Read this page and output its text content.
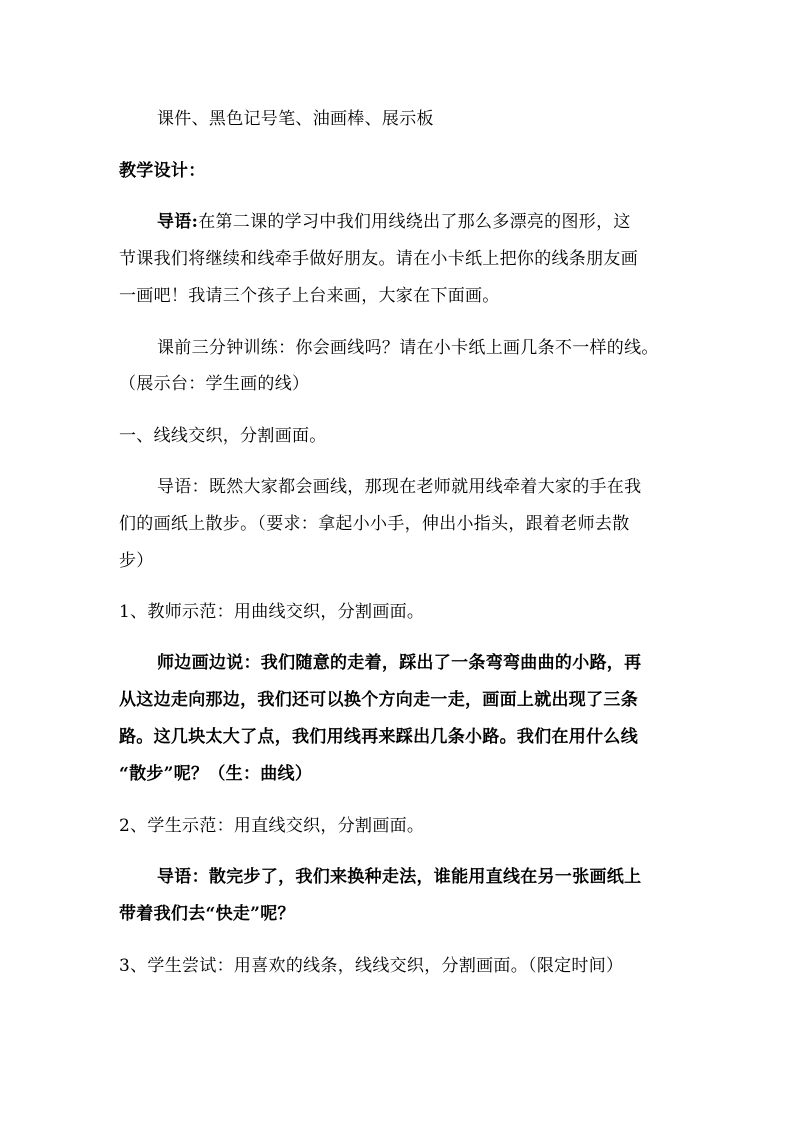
课件、黑色记号笔、油画棒、展示板
教学设计：
导语:在第二课的学习中我们用线绕出了那么多漂亮的图形，这
节课我们将继续和线牵手做好朋友。请在小卡纸上把你的线条朋友画
一画吧！我请三个孩子上台来画，大家在下面画。
课前三分钟训练：你会画线吗？请在小卡纸上画几条不一样的线。
（展示台：学生画的线）
一、线线交织，分割画面。
导语：既然大家都会画线，那现在老师就用线牵着大家的手在我
们的画纸上散步。（要求：拿起小小手，伸出小指头，跟着老师去散
步）
1、教师示范：用曲线交织，分割画面。
师边画边说：我们随意的走着，踩出了一条弯弯曲曲的小路，再
从这边走向那边，我们还可以换个方向走一走，画面上就出现了三条
路。这几块太大了点，我们用线再来踩出几条小路。我们在用什么线
“散步”呢？（生：曲线）
2、学生示范：用直线交织，分割画面。
导语：散完步了，我们来换种走法，谁能用直线在另一张画纸上
带着我们去“快走”呢？
3、学生尝试：用喜欢的线条，线线交织，分割画面。（限定时间）
